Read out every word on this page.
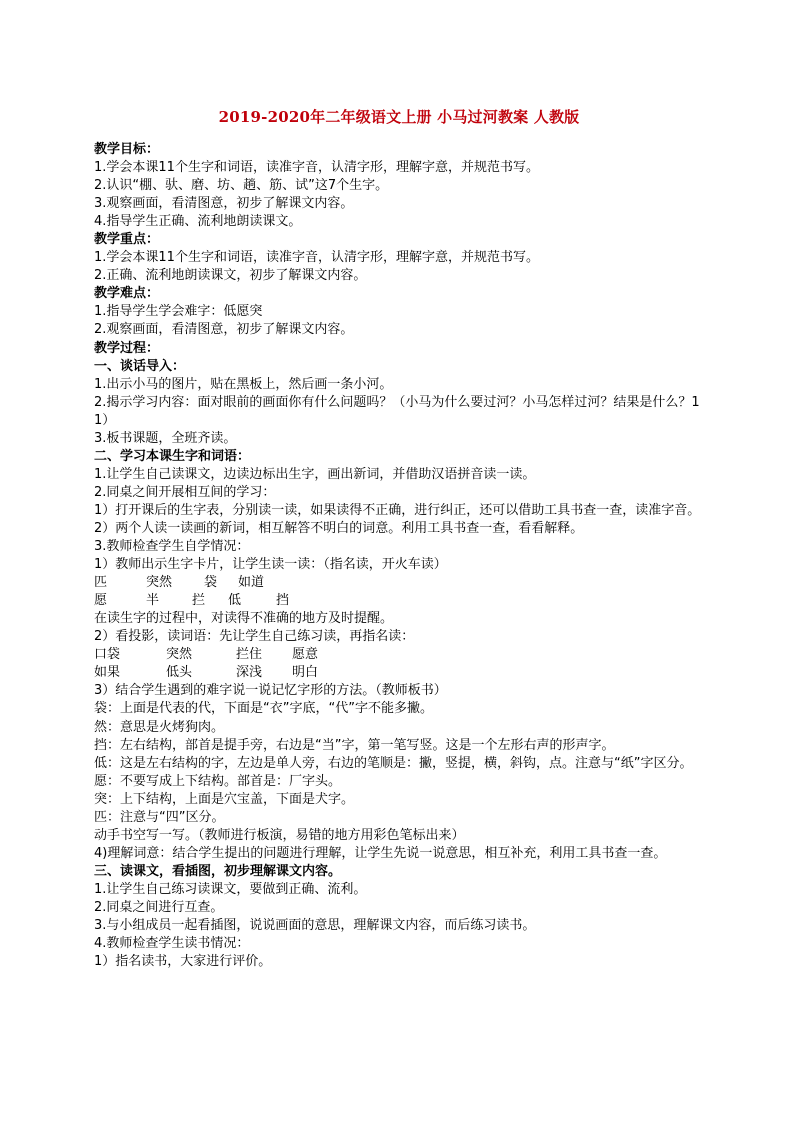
2019-2020年二年级语文上册 小马过河教案 人教版

教学目标：

1.学会本课11个生字和词语，读准字音，认清字形，理解字意，并规范书写。

2.认识“棚、驮、磨、坊、趟、筋、试”这7个生字。

3.观察画面，看清图意，初步了解课文内容。

4.指导学生正确、流利地朗读课文。

教学重点：

1.学会本课11个生字和词语，读准字音，认清字形，理解字意，并规范书写。

2.正确、流利地朗读课文，初步了解课文内容。

教学难点：

1.指导学生学会难字：低愿突

2.观察画面，看清图意，初步了解课文内容。

教学过程：

一、谈话导入：

1.出示小马的图片，贴在黑板上，然后画一条小河。

2.揭示学习内容：面对眼前的画面你有什么问题吗？（小马为什么要过河？小马怎样过河？结果是什么？11）

3.板书课题，全班齐读。

二、学习本课生字和词语：

1.让学生自己读课文，边读边标出生字，画出新词，并借助汉语拼音读一读。

2.同桌之间开展相互间的学习：

1）打开课后的生字表，分别读一读，如果读得不正确，进行纠正，还可以借助工具书查一查，读准字音。

2）两个人读一读画的新词，相互解答不明白的词意。利用工具书查一查，看看解释。

3.教师检查学生自学情况：

1）教师出示生字卡片，让学生读一读：（指名读，开火车读）

匹	突然	袋	如道
愿	半	拦	低	挡

在读生字的过程中，对读得不准确的地方及时提醒。

2）看投影，读词语：先让学生自己练习读，再指名读：

口袋	突然	拦住	愿意
如果	低头	深浅	明白

3）结合学生遇到的难字说一说记忆字形的方法。（教师板书）

袋：上面是代表的代，下面是“衣”字底，“代”字不能多撇。

然：意思是火烤狗肉。

挡：左右结构，部首是提手旁，右边是“当”字，第一笔写竖。这是一个左形右声的形声字。

低：这是左右结构的字，左边是单人旁，右边的笔顺是：撇，竖提，横，斜钩，点。注意与“纸”字区分。

愿：不要写成上下结构。部首是：厂字头。

突：上下结构，上面是穴宝盖，下面是犬字。

匹：注意与“四”区分。

动手书空写一写。（教师进行板演，易错的地方用彩色笔标出来）

4)理解词意：结合学生提出的问题进行理解，让学生先说一说意思，相互补充，利用工具书查一查。

三、读课文，看插图，初步理解课文内容。

1.让学生自己练习读课文，要做到正确、流利。

2.同桌之间进行互查。

3.与小组成员一起看插图，说说画面的意思，理解课文内容，而后练习读书。

4.教师检查学生读书情况：

1）指名读书，大家进行评价。
